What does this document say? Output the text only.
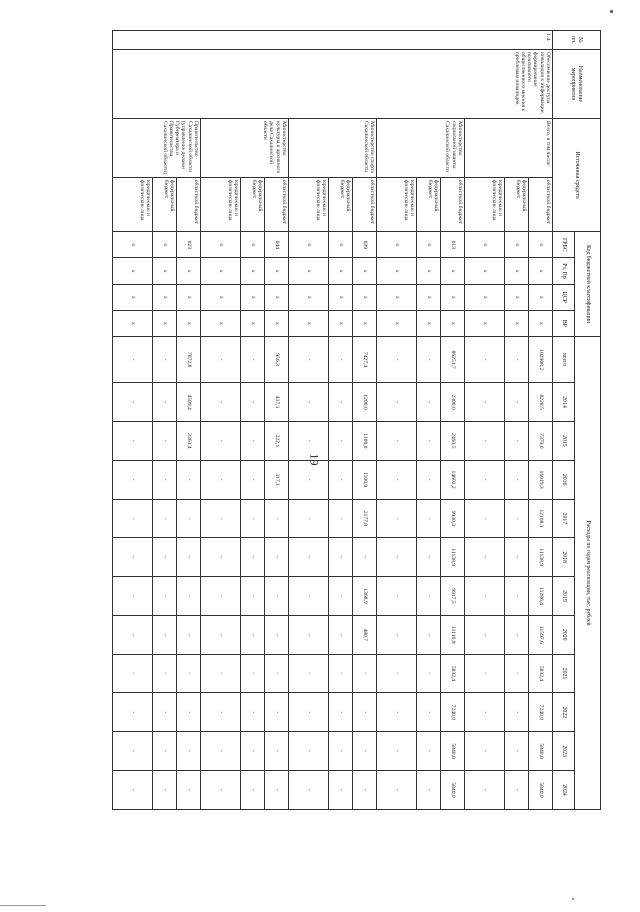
19
№ пп.	Наименование мероприятия	Источники средств		Код бюджетной классификации				Расходы по годам реализации, тыс. рублей											
				ГРБС	Рз, Пр	ЦСР	ВР	всего	2014	2015	2016	2017	2018	2019	2020	2021	2022	2023	2024
1.4.	Обеспечение доступа инвалидов к информации, формирование позитивного общественного мнения к проблемам инвалидов	Всего, в том числе:	областной бюджет	x	x	x	x	102908,2	8228,5	7379,0	16019,3	12108,1	11138,9	11286,4	11597,6	5832,4	7240,0	5840,0	5840,0
			федеральный бюджет	x	x	x	x	-	-	-	-	-	-	-	-	-	-	-	-
			юридические и физические лица	x	x	x	x	-	-	-	-	-	-	-	-	-	-	-	-
		Министерство социальной защиты Сахалинской области	областной бюджет	013	x	x	x	86251,7	2300,0	2493,5	14602,2	9930,3	11138,9	9917,5	11116,9	5832,4	7240,0	5840,0	5840,0
			федеральный бюджет	x	x	x	x	-	-	-	-	-	-	-	-	-	-	-	-
			юридические и физические лица	x	x	x	x	-	-	-	-	-	-	-	-	-	-	-	-
		Министерство спорта Сахалинской области	областной бюджет	039	x	x	x	7427,4	1200,0	1100,0	1100,0	2177,8	-	1368,9	480,7	-	-	-	-
			федеральный бюджет	x	x	x	x	-	-	-	-	-	-	-	-	-	-	-	-
			юридические и физические лица	x	x	x	x	-	-	-	-	-	-	-	-	-	-	-	-
		Министерство культуры и архивного дела Сахалинской области	областной бюджет	044	x	x	x	956,3	417,1	222,1	317,1	-	-	-	-	-	-	-	-
			федеральный бюджет	x	x	x	x	-	-	-	-	-	-	-	-	-	-	-	-
			юридические и физические лица	x	x	x	x	-	-	-	-	-	-	-	-	-	-	-	-
		Правительство Сахалинской области (управление делами Губернатора и Правительства Сахалинской области)	областной бюджет	023	x	x	x	7872,8	4509,4	3363,4	-	-	-	-	-	-	-	-	-
			федеральный бюджет	x	x	x	x	-	-	-	-	-	-	-	-	-	-	-	-
			юридические и физические лица	x	x	x	x	-	-	-	-	-	-	-	-	-	-	-	-
